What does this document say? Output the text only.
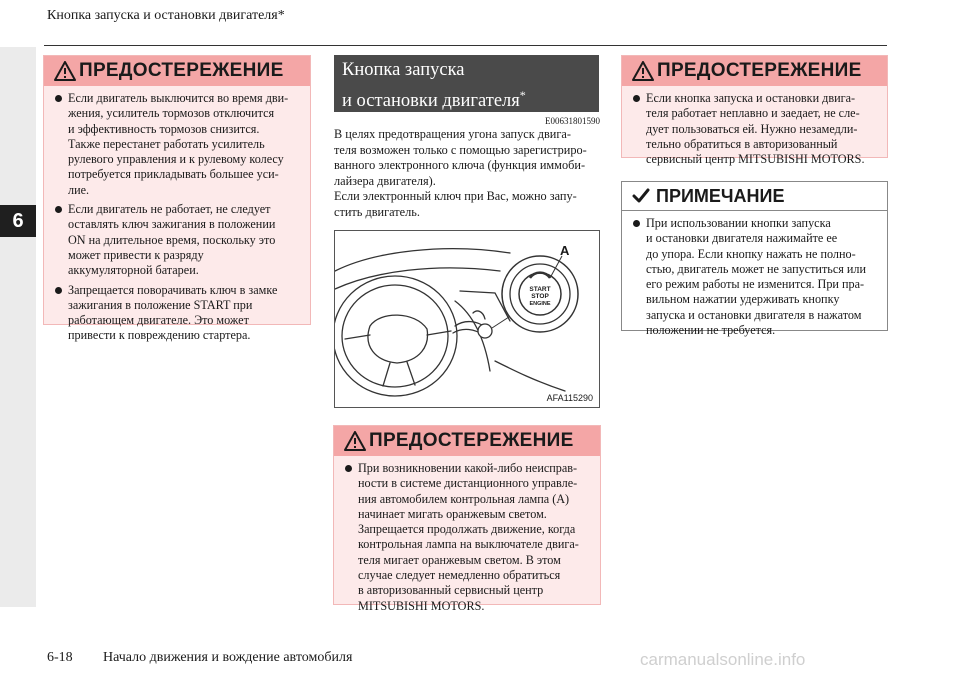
Кнопка запуска и остановки двигателя*
6
ПРЕДОСТЕРЕЖЕНИЕ
Если двигатель выключится во время дви-
жения, усилитель тормозов отключится
и эффективность тормозов снизится.
Также перестанет работать усилитель
рулевого управления и к рулевому колесу
потребуется прикладывать большее уси-
лие.
Если двигатель не работает, не следует
оставлять ключ зажигания в положении
ON на длительное время, поскольку это
может привести к разряду
аккумуляторной батареи.
Запрещается поворачивать ключ в замке
зажигания в положение START при
работающем двигателе. Это может
привести к повреждению стартера.
Кнопка запуска
и остановки двигателя*
E00631801590

В целях предотвращения угона запуск двига-
теля возможен только с помощью зарегистриро-
ванного электронного ключа (функция иммоби-
лайзера двигателя).

Если электронный ключ при Вас, можно запу-
стить двигатель.

A
START
STOP
ENGINE
AFA115290
ПРЕДОСТЕРЕЖЕНИЕ
При возникновении какой-либо неисправ-
ности в системе дистанционного управле-
ния автомобилем контрольная лампа (A)
начинает мигать оранжевым светом.
Запрещается продолжать движение, когда
контрольная лампа на выключателе двига-
теля мигает оранжевым светом. В этом
случае следует немедленно обратиться
в авторизованный сервисный центр
MITSUBISHI MOTORS.
ПРЕДОСТЕРЕЖЕНИЕ
Если кнопка запуска и остановки двига-
теля работает неплавно и заедает, не сле-
дует пользоваться ей. Нужно незамедли-
тельно обратиться в авторизованный
сервисный центр MITSUBISHI MOTORS.
ПРИМЕЧАНИЕ
При использовании кнопки запуска
и остановки двигателя нажимайте ее
до упора. Если кнопку нажать не полно-
стью, двигатель может не запуститься или
его режим работы не изменится. При пра-
вильном нажатии удерживать кнопку
запуска и остановки двигателя в нажатом
положении не требуется.
6-18 Начало движения и вождение автомобиля	carmanualsonline.info
